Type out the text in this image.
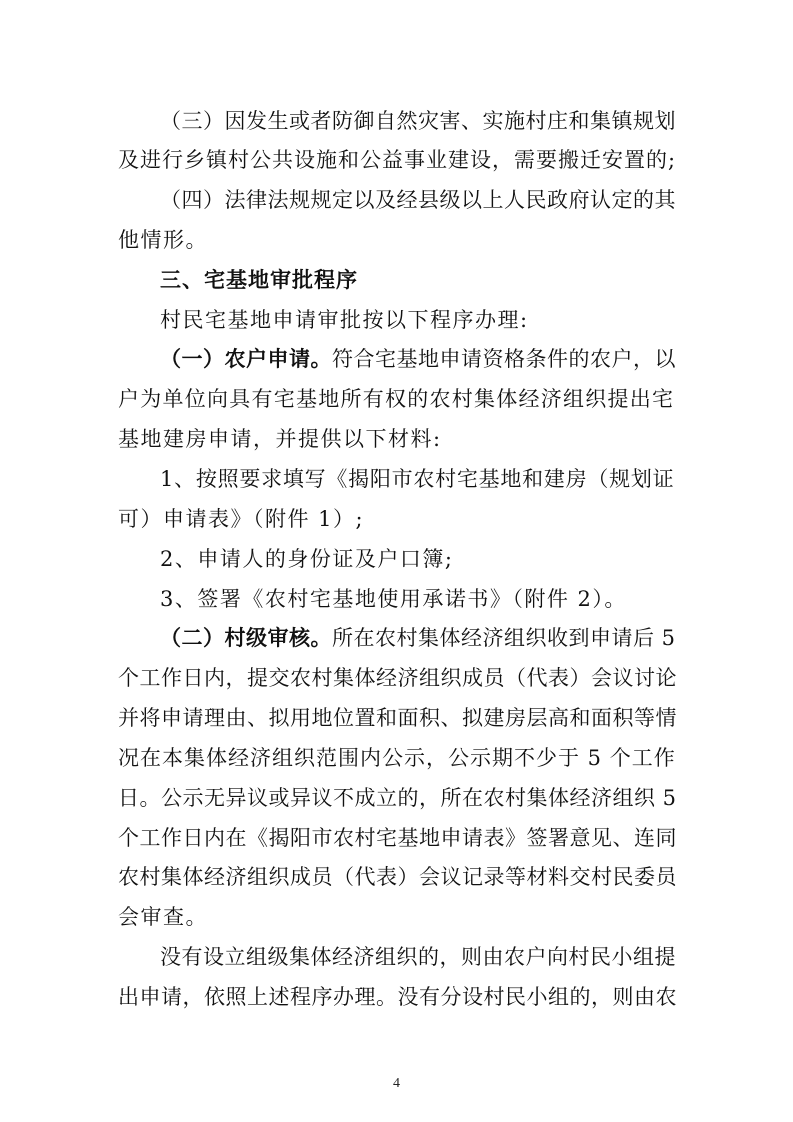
（三）因发生或者防御自然灾害、实施村庄和集镇规划
及进行乡镇村公共设施和公益事业建设，需要搬迁安置的;
（四）法律法规规定以及经县级以上人民政府认定的其
他情形。
三、宅基地审批程序
村民宅基地申请审批按以下程序办理:
（一）农户申请。符合宅基地申请资格条件的农户，以
户为单位向具有宅基地所有权的农村集体经济组织提出宅
基地建房申请，并提供以下材料:
1、按照要求填写《揭阳市农村宅基地和建房（规划证
可）申请表》（附件 1）;
2、申请人的身份证及户口簿;
3、签署《农村宅基地使用承诺书》（附件 2）。
（二）村级审核。所在农村集体经济组织收到申请后 5
个工作日内，提交农村集体经济组织成员（代表）会议讨论
并将申请理由、拟用地位置和面积、拟建房层高和面积等情
况在本集体经济组织范围内公示，公示期不少于 5 个工作
日。公示无异议或异议不成立的，所在农村集体经济组织 5
个工作日内在《揭阳市农村宅基地申请表》签署意见、连同
农村集体经济组织成员（代表）会议记录等材料交村民委员
会审查。
没有设立组级集体经济组织的，则由农户向村民小组提
出申请，依照上述程序办理。没有分设村民小组的，则由农
4
